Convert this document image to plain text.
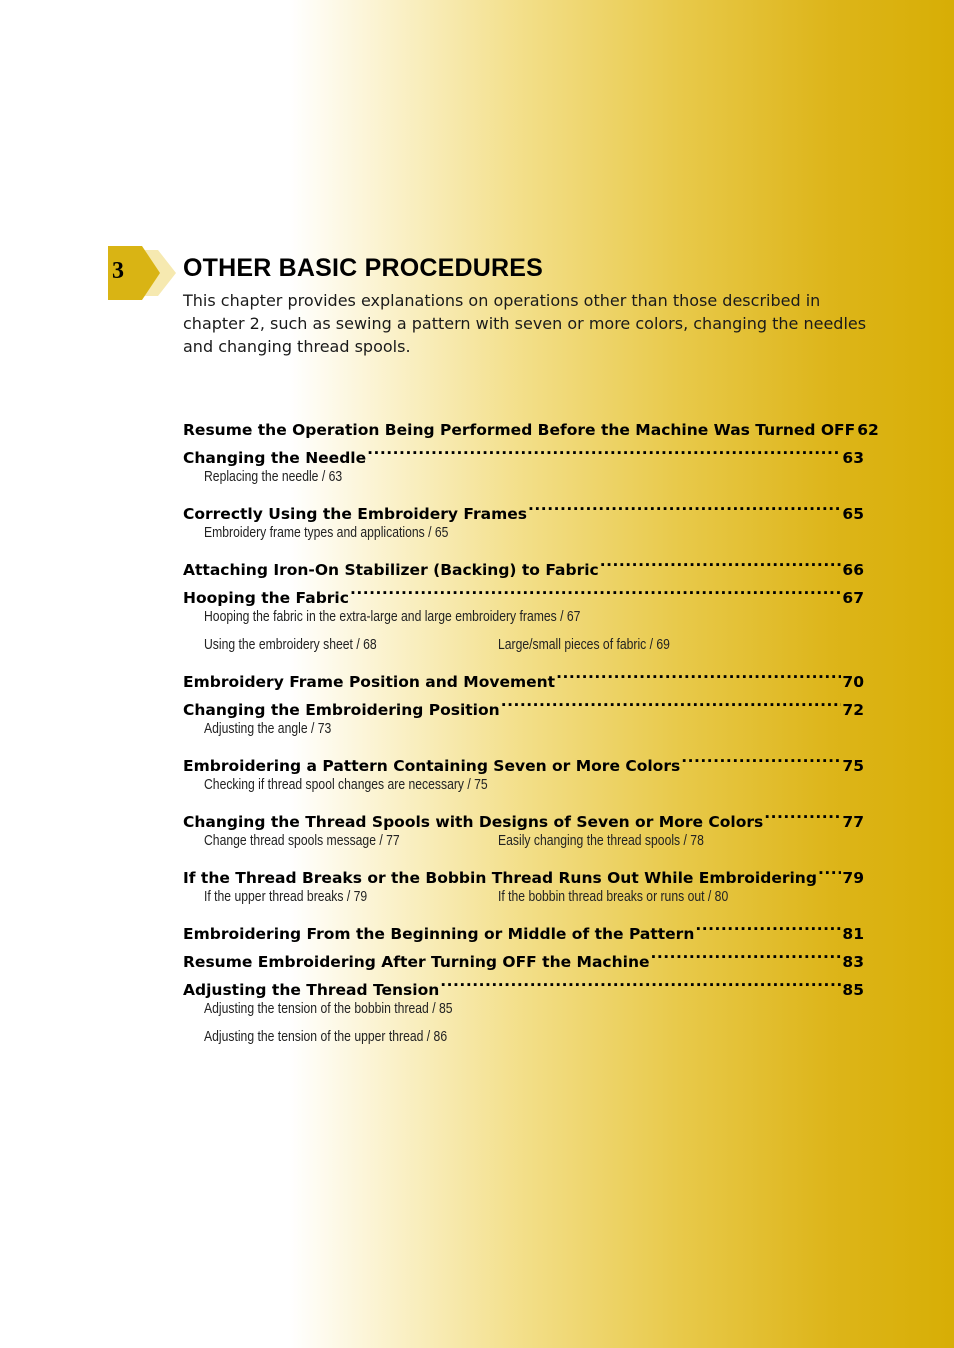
3	OTHER BASIC PROCEDURES
This chapter provides explanations on operations other than those described in chapter 2, such as sewing a pattern with seven or more colors, changing the needles and changing thread spools.
Resume the Operation Being Performed Before the Machine Was Turned OFF 62
Changing the Needle .....	63
Replacing the needle / 63
Correctly Using the Embroidery Frames .....	65
Embroidery frame types and applications / 65
Attaching Iron-On Stabilizer (Backing) to Fabric .....	66
Hooping the Fabric .....	67
Hooping the fabric in the extra-large and large embroidery frames / 67
Using the embroidery sheet / 68	Large/small pieces of fabric / 69
Embroidery Frame Position and Movement .....	70
Changing the Embroidering Position .....	72
Adjusting the angle / 73
Embroidering a Pattern Containing Seven or More Colors .....	75
Checking if thread spool changes are necessary / 75
Changing the Thread Spools with Designs of Seven or More Colors .....	77
Change thread spools message / 77	Easily changing the thread spools / 78
If the Thread Breaks or the Bobbin Thread Runs Out While Embroidering ..... 79
If the upper thread breaks / 79	If the bobbin thread breaks or runs out / 80
Embroidering From the Beginning or Middle of the Pattern .....	81
Resume Embroidering After Turning OFF the Machine .....	83
Adjusting the Thread Tension .....	85
Adjusting the tension of the bobbin thread / 85
Adjusting the tension of the upper thread / 86
